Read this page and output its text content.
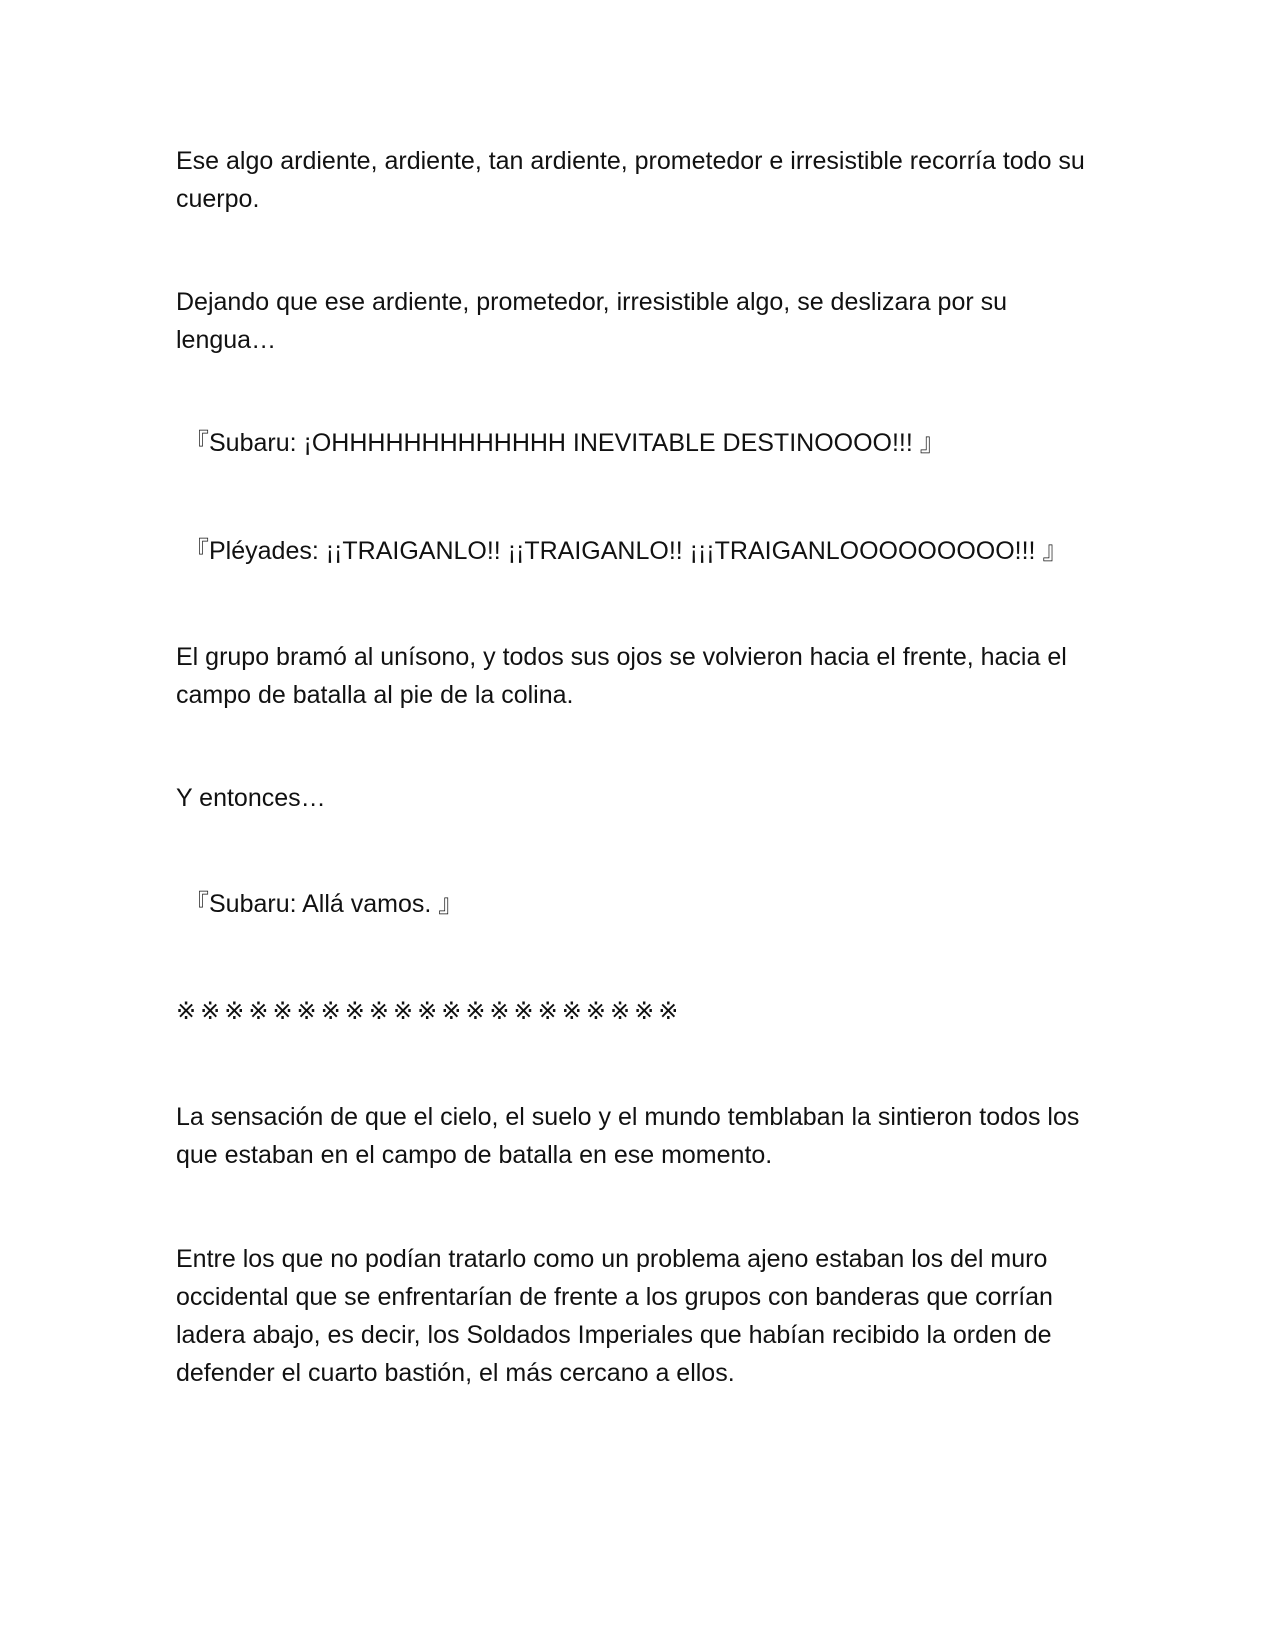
Ese algo ardiente, ardiente, tan ardiente, prometedor e irresistible recorría todo su cuerpo.

Dejando que ese ardiente, prometedor, irresistible algo, se deslizara por su lengua…

『Subaru: ¡OHHHHHHHHHHHHH INEVITABLE DESTINOOOO!!! 』

『Pléyades: ¡¡TRAIGANLO!! ¡¡TRAIGANLO!! ¡¡¡TRAIGANLOOOOOOOOO!!! 』

El grupo bramó al unísono, y todos sus ojos se volvieron hacia el frente, hacia el campo de batalla al pie de la colina.

Y entonces…

『Subaru: Allá vamos. 』

※※※※※※※※※※※※※※※※※※※※※

La sensación de que el cielo, el suelo y el mundo temblaban la sintieron todos los que estaban en el campo de batalla en ese momento.

Entre los que no podían tratarlo como un problema ajeno estaban los del muro occidental que se enfrentarían de frente a los grupos con banderas que corrían ladera abajo, es decir, los Soldados Imperiales que habían recibido la orden de defender el cuarto bastión, el más cercano a ellos.
